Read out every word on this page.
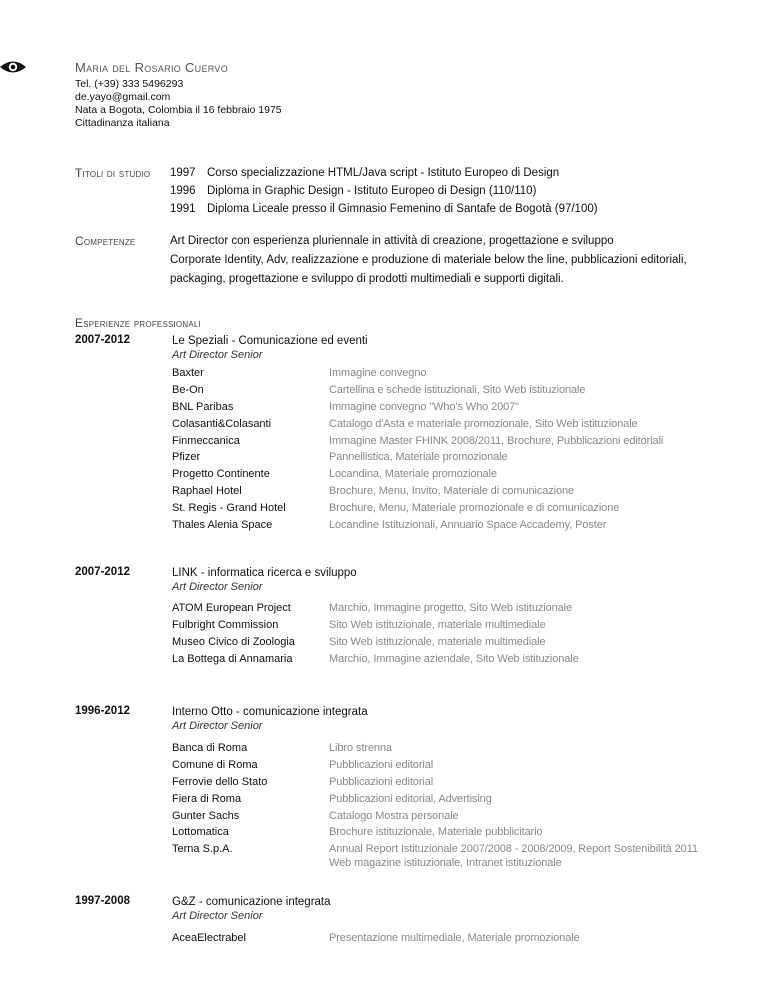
Maria del Rosario Cuervo
Tel. (+39) 333 5496293
de.yayo@gmail.com
Nata a Bogota, Colombia il 16 febbraio 1975
Cittadinanza italiana
Titoli di studio 1997 Corso specializzazione HTML/Java script - Istituto Europeo di Design
1996 Diploma in Graphic Design - Istituto Europeo di Design (110/110)
1991 Diploma Liceale presso il Gimnasio Femenino di Santafe de Bogotà (97/100)
Competenze	Art Director con esperienza pluriennale in attività di creazione, progettazione e sviluppo
Corporate Identity, Adv, realizzazione e produzione di materiale below the line, pubblicazioni editoriali, packaging, progettazione e sviluppo di prodotti multimediali e supporti digitali.
Esperienze professionali
2007-2012	Le Speziali - Comunicazione ed eventi
Art Director Senior
Baxter	Immagine convegno
Be-On	Cartellina e schede istituzionali, Sito Web istituzionale
BNL Paribas	Immagine convegno "Who's Who 2007"
Colasanti&Colasanti	Catalogo d'Asta e materiale promozionale, Sito Web istituzionale
Finmeccanica	Immagine Master FHINK 2008/2011, Brochure, Pubblicazioni editoriali
Pfizer	Pannellistica, Materiale promozionale
Progetto Continente	Locandina, Materiale promozionale
Raphael Hotel	Brochure, Menu, Invito, Materiale di comunicazione
St. Regis - Grand Hotel	Brochure, Menu, Materiale promozionale e di comunicazione
Thales Alenia Space	Locandine Istituzionali, Annuario Space Accademy, Poster
2007-2012	LINK - informatica ricerca e sviluppo
Art Director Senior
ATOM European Project	Marchio, Immagine progetto, Sito Web istituzionale
Fulbright Commission	Sito Web istituzionale, materiale multimediale
Museo Civico di Zoologia	Sito Web istituzionale, materiale multimediale
La Bottega di Annamaria	Marchio, Immagine aziendale, Sito Web istituzionale
1996-2012	Interno Otto - comunicazione integrata
Art Director Senior
Banca di Roma	Libro strenna
Comune di Roma	Pubblicazioni editorial
Ferrovie dello Stato	Pubblicazioni editorial
Fiera di Roma	Pubblicazioni editorial, Advertising
Gunter Sachs	Catalogo Mostra personale
Lottomatica	Brochure istituzionale, Materiale pubblicitario
Terna S.p.A.	Annual Report Istituzionale 2007/2008 - 2008/2009, Report Sostenibilità 2011 Web magazine istituzionale, Intranet istituzionale
1997-2008	G&Z - comunicazione integrata
Art Director Senior
AceaElectrabel	Presentazione multimediale, Materiale promozionale
